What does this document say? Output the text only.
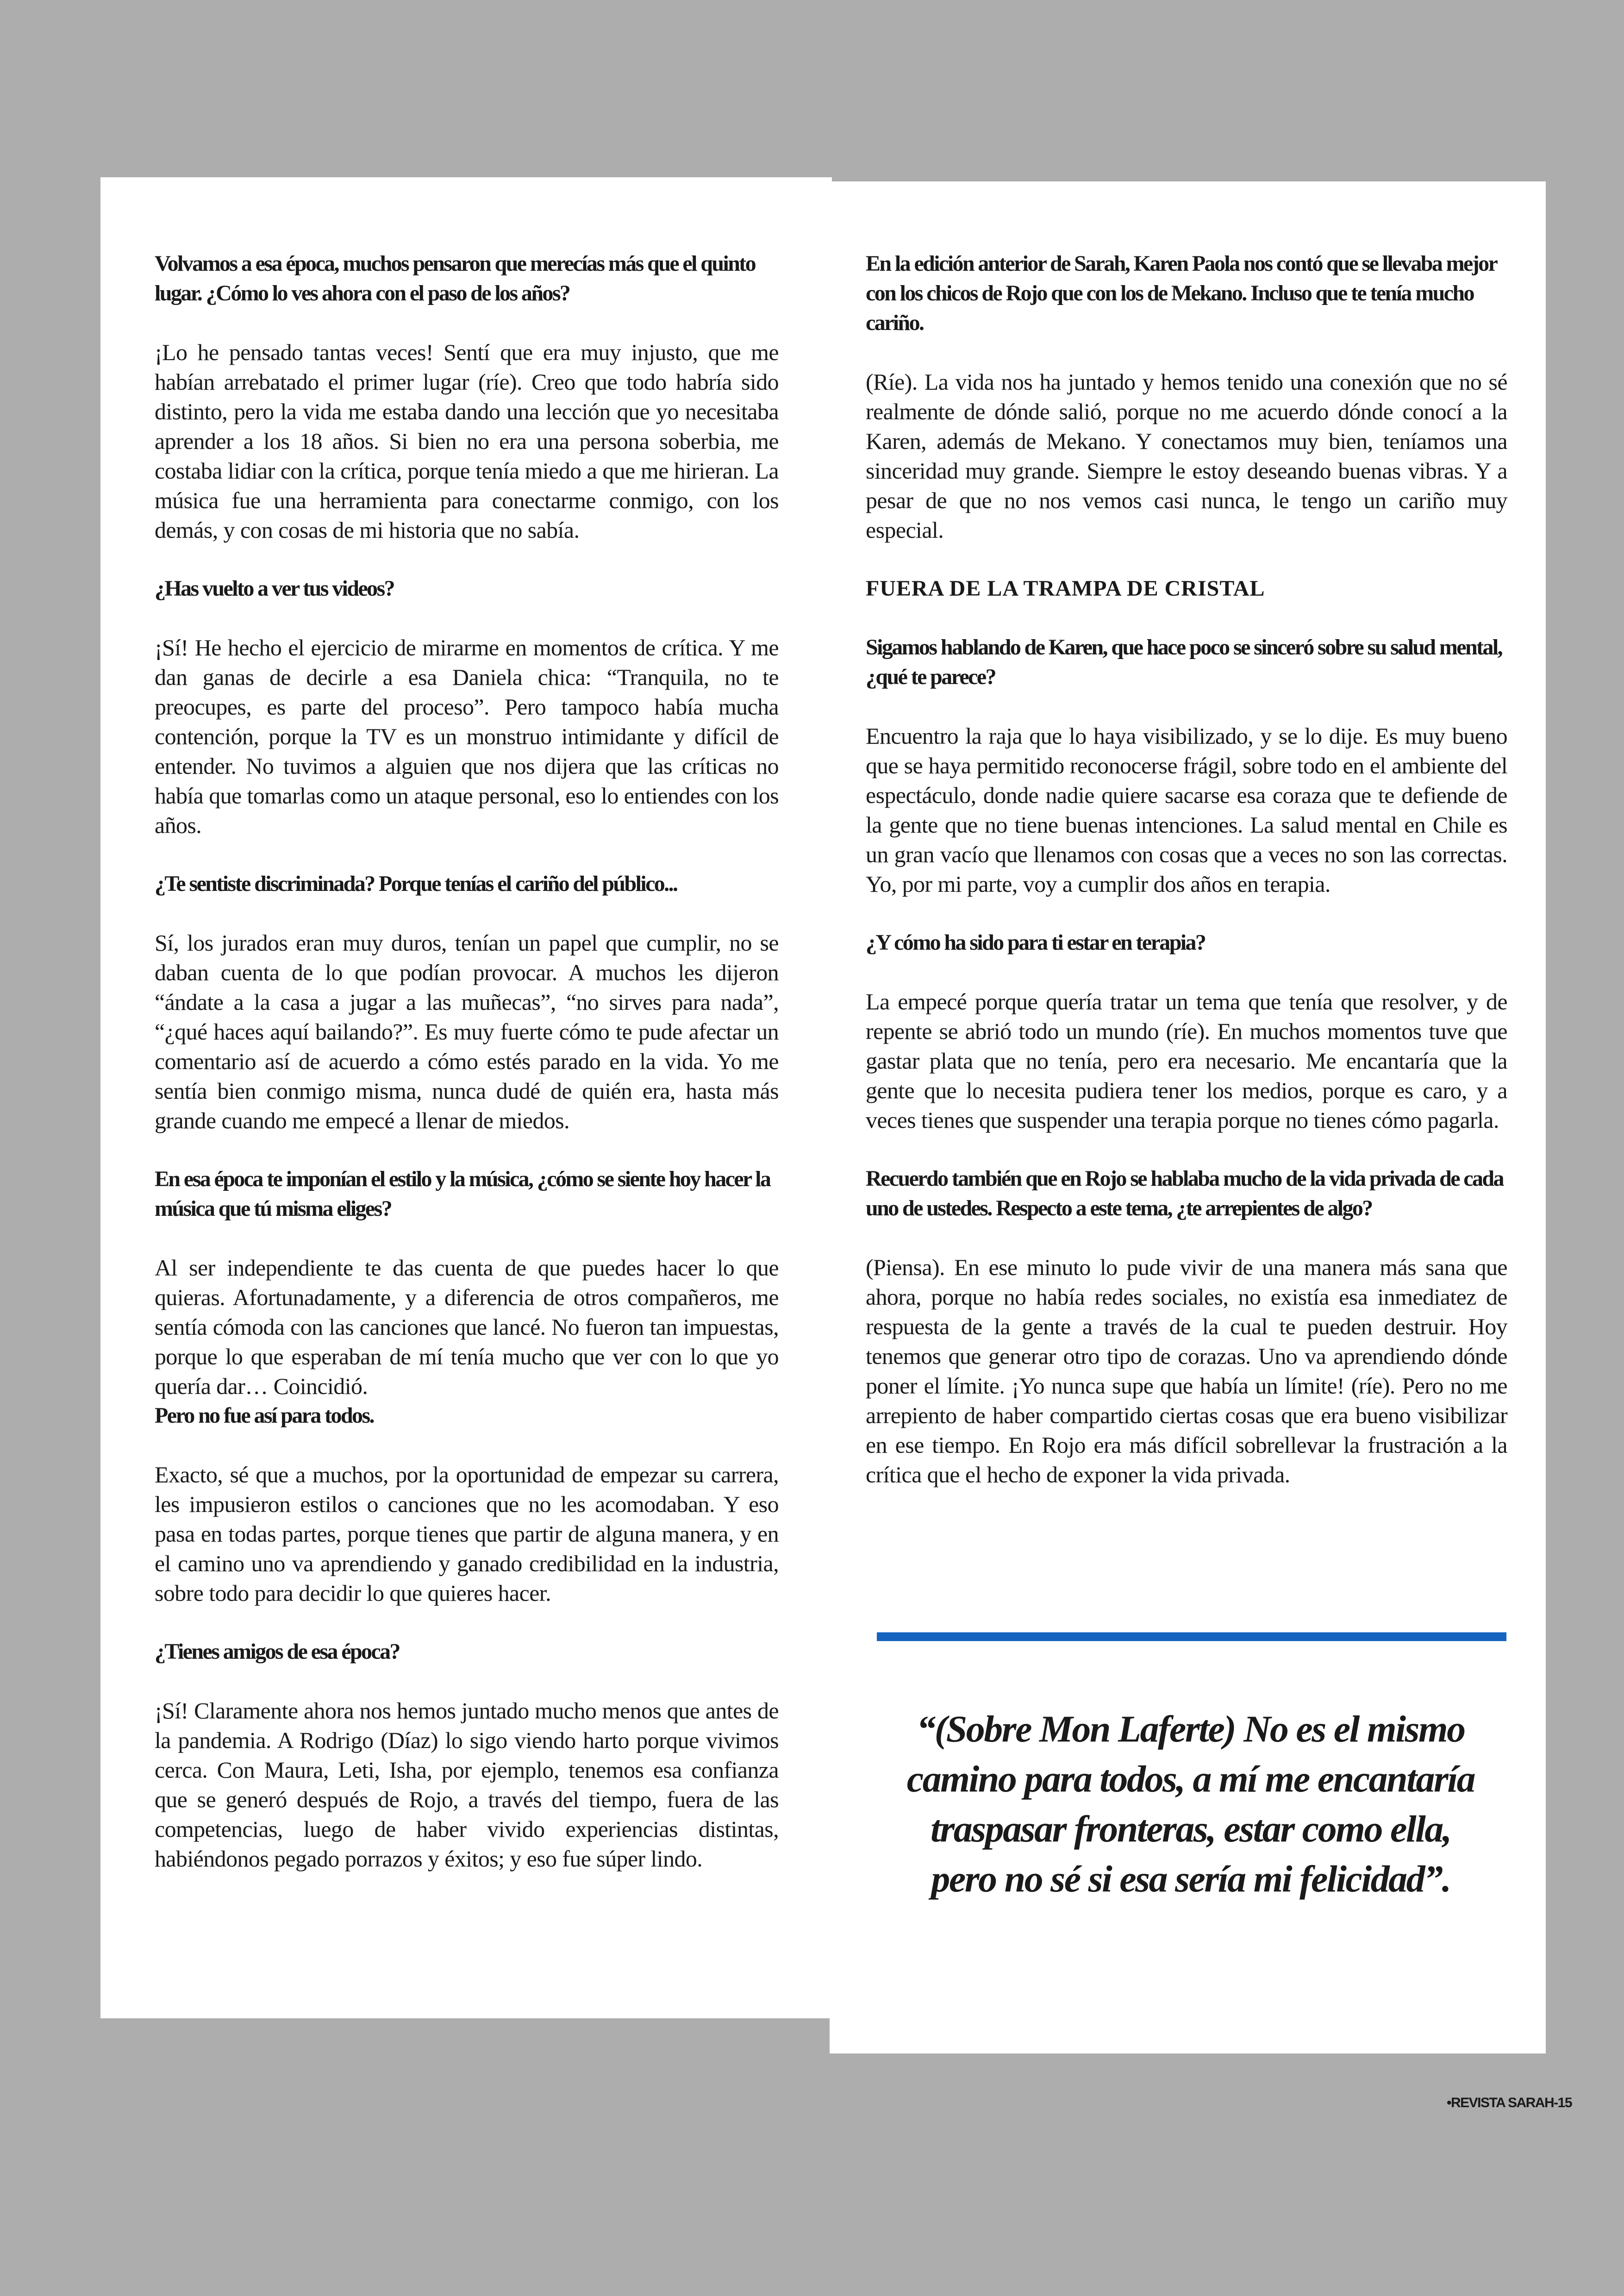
Volvamos a esa época, muchos pensaron que merecías más que el quinto lugar. ¿Cómo lo ves ahora con el paso de los años?

¡Lo he pensado tantas veces! Sentí que era muy injusto, que me habían arrebatado el primer lugar (ríe). Creo que todo habría sido distinto, pero la vida me estaba dando una lección que yo necesitaba aprender a los 18 años. Si bien no era una persona soberbia, me costaba lidiar con la crítica, porque tenía miedo a que me hirieran. La música fue una herramienta para conectarme conmigo, con los demás, y con cosas de mi historia que no sabía.

¿Has vuelto a ver tus videos?

¡Sí! He hecho el ejercicio de mirarme en momentos de crítica. Y me dan ganas de decirle a esa Daniela chica: “Tranquila, no te preocupes, es parte del proceso”. Pero tampoco había mucha contención, porque la TV es un monstruo intimidante y difícil de entender. No tuvimos a alguien que nos dijera que las críticas no había que tomarlas como un ataque personal, eso lo entiendes con los años.

¿Te sentiste discriminada? Porque tenías el cariño del público...

Sí, los jurados eran muy duros, tenían un papel que cumplir, no se daban cuenta de lo que podían provocar. A muchos les dijeron “ándate a la casa a jugar a las muñecas”, “no sirves para nada”, “¿qué haces aquí bailando?”. Es muy fuerte cómo te pude afectar un comentario así de acuerdo a cómo estés parado en la vida. Yo me sentía bien conmigo misma, nunca dudé de quién era, hasta más grande cuando me empecé a llenar de miedos.

En esa época te imponían el estilo y la música, ¿cómo se siente hoy hacer la música que tú misma eliges?

Al ser independiente te das cuenta de que puedes hacer lo que quieras. Afortunadamente, y a diferencia de otros compañeros, me sentía cómoda con las canciones que lancé. No fueron tan impuestas, porque lo que esperaban de mí tenía mucho que ver con lo que yo quería dar… Coincidió.
Pero no fue así para todos.

Exacto, sé que a muchos, por la oportunidad de empezar su carrera, les impusieron estilos o canciones que no les acomodaban. Y eso pasa en todas partes, porque tienes que partir de alguna manera, y en el camino uno va aprendiendo y ganado credibilidad en la industria, sobre todo para decidir lo que quieres hacer.

¿Tienes amigos de esa época?

¡Sí! Claramente ahora nos hemos juntado mucho menos que antes de la pandemia. A Rodrigo (Díaz) lo sigo viendo harto porque vivimos cerca. Con Maura, Leti, Isha, por ejemplo, tenemos esa confianza que se generó después de Rojo, a través del tiempo, fuera de las competencias, luego de haber vivido experiencias distintas, habiéndonos pegado porrazos y éxitos; y eso fue súper lindo.

En la edición anterior de Sarah, Karen Paola nos contó que se llevaba mejor con los chicos de Rojo que con los de Mekano. Incluso que te tenía mucho cariño.

(Ríe). La vida nos ha juntado y hemos tenido una conexión que no sé realmente de dónde salió, porque no me acuerdo dónde conocí a la Karen, además de Mekano. Y conectamos muy bien, teníamos una sinceridad muy grande. Siempre le estoy deseando buenas vibras. Y a pesar de que no nos vemos casi nunca, le tengo un cariño muy especial.

FUERA DE LA TRAMPA DE CRISTAL

Sigamos hablando de Karen, que hace poco se sinceró sobre su salud mental, ¿qué te parece?

Encuentro la raja que lo haya visibilizado, y se lo dije. Es muy bueno que se haya permitido reconocerse frágil, sobre todo en el ambiente del espectáculo, donde nadie quiere sacarse esa coraza que te defiende de la gente que no tiene buenas intenciones. La salud mental en Chile es un gran vacío que llenamos con cosas que a veces no son las correctas. Yo, por mi parte, voy a cumplir dos años en terapia.

¿Y cómo ha sido para ti estar en terapia?

La empecé porque quería tratar un tema que tenía que resolver, y de repente se abrió todo un mundo (ríe). En muchos momentos tuve que gastar plata que no tenía, pero era necesario. Me encantaría que la gente que lo necesita pudiera tener los medios, porque es caro, y a veces tienes que suspender una terapia porque no tienes cómo pagarla.

Recuerdo también que en Rojo se hablaba mucho de la vida privada de cada uno de ustedes. Respecto a este tema, ¿te arrepientes de algo?

(Piensa). En ese minuto lo pude vivir de una manera más sana que ahora, porque no había redes sociales, no existía esa inmediatez de respuesta de la gente a través de la cual te pueden destruir. Hoy tenemos que generar otro tipo de corazas. Uno va aprendiendo dónde poner el límite. ¡Yo nunca supe que había un límite! (ríe). Pero no me arrepiento de haber compartido ciertas cosas que era bueno visibilizar en ese tiempo. En Rojo era más difícil sobrellevar la frustración a la crítica que el hecho de exponer la vida privada.

“(Sobre Mon Laferte) No es el mismo camino para todos, a mí me encantaría traspasar fronteras, estar como ella, pero no sé si esa sería mi felicidad”.

•REVISTA SARAH-15
